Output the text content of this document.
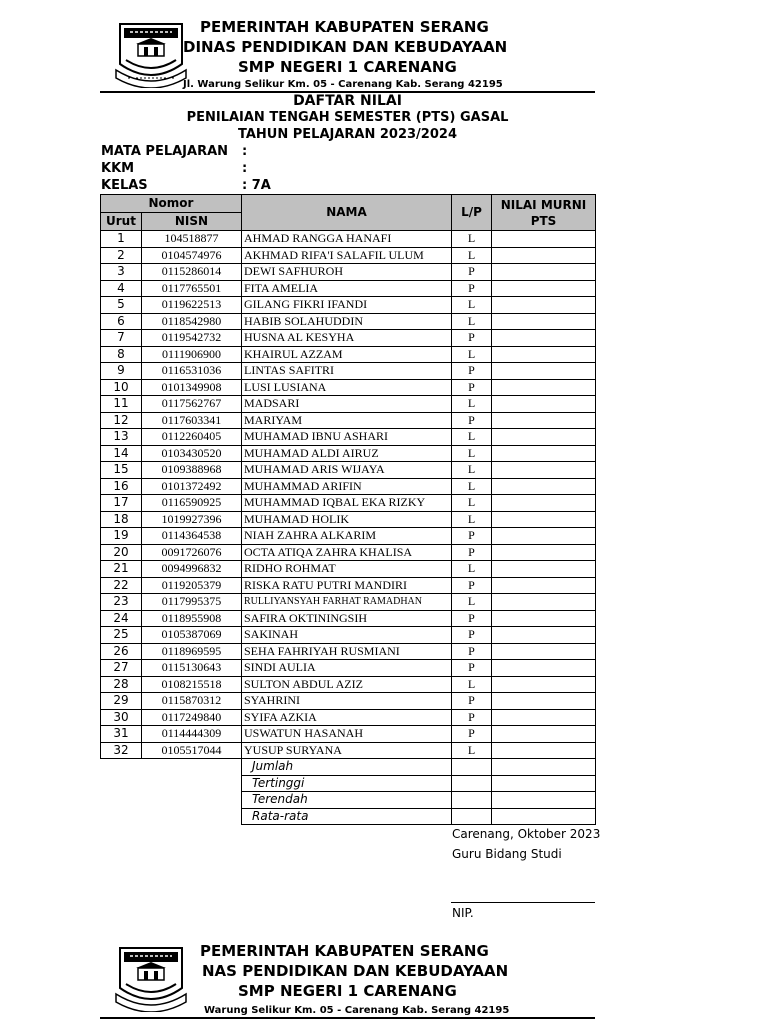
PEMERINTAH KABUPATEN SERANG
DINAS PENDIDIKAN DAN KEBUDAYAAN
SMP NEGERI 1 CARENANG
Jl. Warung Selikur Km. 05 - Carenang Kab. Serang 42195
DAFTAR NILAI
PENILAIAN TENGAH SEMESTER (PTS) GASAL
TAHUN PELAJARAN 2023/2024
MATA PELAJARAN :
KKM	:
KELAS	: 7A
Nomor		NAMA	L/P	NILAI MURNI PTS
Urut	NISN			
1	104518877	AHMAD RANGGA HANAFI	L	
2	0104574976	AKHMAD RIFA'I SALAFIL ULUM	L	
3	0115286014	DEWI SAFHUROH	P	
4	0117765501	FITA AMELIA	P	
5	0119622513	GILANG FIKRI IFANDI	L	
6	0118542980	HABIB SOLAHUDDIN	L	
7	0119542732	HUSNA AL KESYHA	P	
8	0111906900	KHAIRUL AZZAM	L	
9	0116531036	LINTAS SAFITRI	P	
10	0101349908	LUSI LUSIANA	P	
11	0117562767	MADSARI	L	
12	0117603341	MARIYAM	P	
13	0112260405	MUHAMAD IBNU ASHARI	L	
14	0103430520	MUHAMAD ALDI AIRUZ	L	
15	0109388968	MUHAMAD ARIS WIJAYA	L	
16	0101372492	MUHAMMAD ARIFIN	L	
17	0116590925	MUHAMMAD IQBAL EKA RIZKY	L	
18	1019927396	MUHAMAD HOLIK	L	
19	0114364538	NIAH ZAHRA ALKARIM	P	
20	0091726076	OCTA ATIQA ZAHRA KHALISA	P	
21	0094996832	RIDHO ROHMAT	L	
22	0119205379	RISKA RATU PUTRI MANDIRI	P	
23	0117995375	RULLIYANSYAH FARHAT RAMADHAN	L	
24	0118955908	SAFIRA OKTININGSIH	P	
25	0105387069	SAKINAH	P	
26	0118969595	SEHA FAHRIYAH RUSMIANI	P	
27	0115130643	SINDI AULIA	P	
28	0108215518	SULTON ABDUL AZIZ	L	
29	0115870312	SYAHRINI	P	
30	0117249840	SYIFA AZKIA	P	
31	0114444309	USWATUN HASANAH	P	
32	0105517044	YUSUP SURYANA	L	
		Jumlah		
		Tertinggi		
		Terendah		
		Rata-rata		
Carenang, Oktober 2023
Guru Bidang Studi
NIP.
PEMERINTAH KABUPATEN SERANG
NAS PENDIDIKAN DAN KEBUDAYAAN
SMP NEGERI 1 CARENANG
Warung Selikur Km. 05 - Carenang Kab. Serang 42195
